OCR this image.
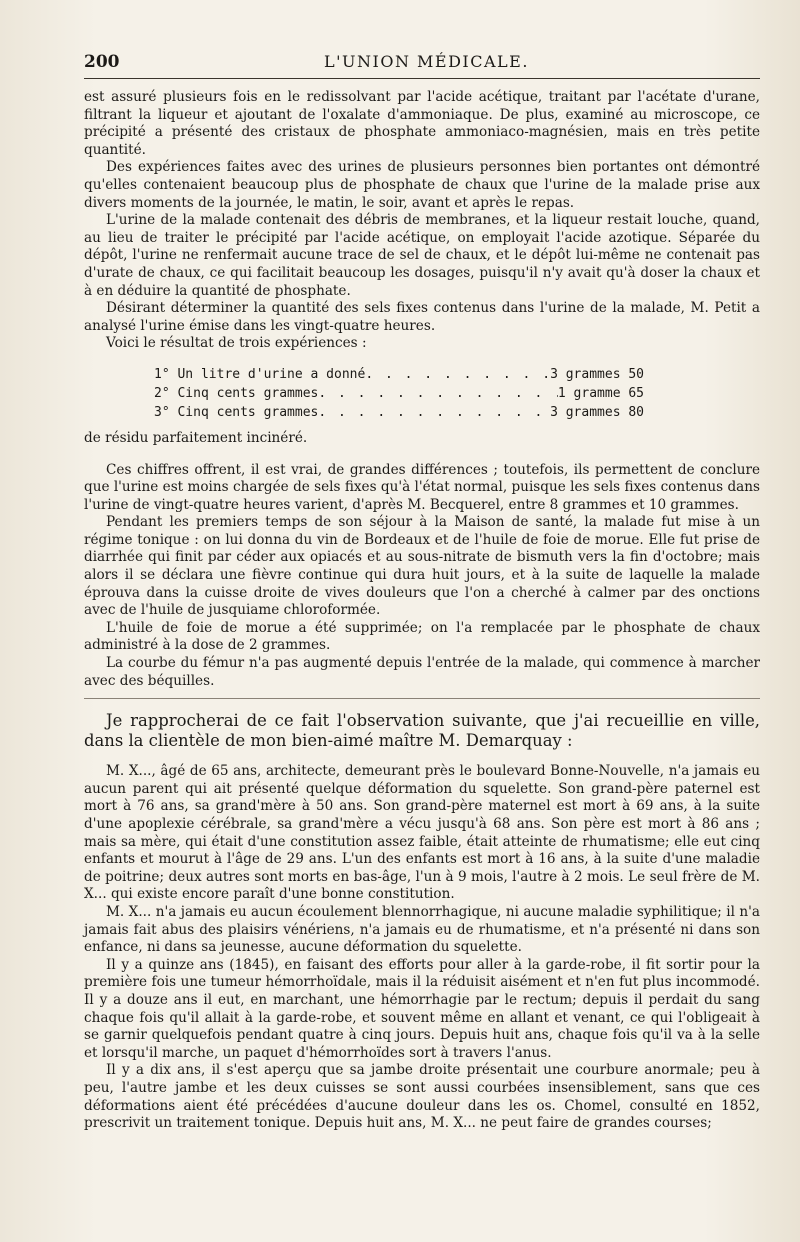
200	L'UNION MÉDICALE.

est assuré plusieurs fois en le redissolvant par l'acide acétique, traitant par l'acétate d'urane, filtrant la liqueur et ajoutant de l'oxalate d'ammoniaque. De plus, examiné au microscope, ce précipité a présenté des cristaux de phosphate ammoniaco-magnésien, mais en très petite quantité.

Des expériences faites avec des urines de plusieurs personnes bien portantes ont démontré qu'elles contenaient beaucoup plus de phosphate de chaux que l'urine de la malade prise aux divers moments de la journée, le matin, le soir, avant et après le repas.

L'urine de la malade contenait des débris de membranes, et la liqueur restait louche, quand, au lieu de traiter le précipité par l'acide acétique, on employait l'acide azotique. Séparée du dépôt, l'urine ne renfermait aucune trace de sel de chaux, et le dépôt lui-même ne contenait pas d'urate de chaux, ce qui facilitait beaucoup les dosages, puisqu'il n'y avait qu'à doser la chaux et à en déduire la quantité de phosphate.

Désirant déterminer la quantité des sels fixes contenus dans l'urine de la malade, M. Petit a analysé l'urine émise dans les vingt-quatre heures.

Voici le résultat de trois expériences :

1° Un litre d'urine a donné . . .	3 grammes 50
2° Cinq cents grammes . . .	1 gramme 65
3° Cinq cents grammes . . .	3 grammes 80

de résidu parfaitement incinéré.

Ces chiffres offrent, il est vrai, de grandes différences ; toutefois, ils permettent de conclure que l'urine est moins chargée de sels fixes qu'à l'état normal, puisque les sels fixes contenus dans l'urine de vingt-quatre heures varient, d'après M. Becquerel, entre 8 grammes et 10 grammes.

Pendant les premiers temps de son séjour à la Maison de santé, la malade fut mise à un régime tonique : on lui donna du vin de Bordeaux et de l'huile de foie de morue. Elle fut prise de diarrhée qui finit par céder aux opiacés et au sous-nitrate de bismuth vers la fin d'octobre; mais alors il se déclara une fièvre continue qui dura huit jours, et à la suite de laquelle la malade éprouva dans la cuisse droite de vives douleurs que l'on a cherché à calmer par des onctions avec de l'huile de jusquiame chloroformée.

L'huile de foie de morue a été supprimée; on l'a remplacée par le phosphate de chaux administré à la dose de 2 grammes.

La courbe du fémur n'a pas augmenté depuis l'entrée de la malade, qui commence à marcher avec des béquilles.

Je rapprocherai de ce fait l'observation suivante, que j'ai recueillie en ville, dans la clientèle de mon bien-aimé maître M. Demarquay :

M. X..., âgé de 65 ans, architecte, demeurant près le boulevard Bonne-Nouvelle, n'a jamais eu aucun parent qui ait présenté quelque déformation du squelette. Son grand-père paternel est mort à 76 ans, sa grand'mère à 50 ans. Son grand-père maternel est mort à 69 ans, à la suite d'une apoplexie cérébrale, sa grand'mère a vécu jusqu'à 68 ans. Son père est mort à 86 ans ; mais sa mère, qui était d'une constitution assez faible, était atteinte de rhumatisme; elle eut cinq enfants et mourut à l'âge de 29 ans. L'un des enfants est mort à 16 ans, à la suite d'une maladie de poitrine; deux autres sont morts en bas-âge, l'un à 9 mois, l'autre à 2 mois. Le seul frère de M. X... qui existe encore paraît d'une bonne constitution.

M. X... n'a jamais eu aucun écoulement blennorrhagique, ni aucune maladie syphilitique; il n'a jamais fait abus des plaisirs vénériens, n'a jamais eu de rhumatisme, et n'a présenté ni dans son enfance, ni dans sa jeunesse, aucune déformation du squelette.

Il y a quinze ans (1845), en faisant des efforts pour aller à la garde-robe, il fit sortir pour la première fois une tumeur hémorrhoïdale, mais il la réduisit aisément et n'en fut plus incommodé. Il y a douze ans il eut, en marchant, une hémorrhagie par le rectum; depuis il perdait du sang chaque fois qu'il allait à la garde-robe, et souvent même en allant et venant, ce qui l'obligeait à se garnir quelquefois pendant quatre à cinq jours. Depuis huit ans, chaque fois qu'il va à la selle et lorsqu'il marche, un paquet d'hémorrhoïdes sort à travers l'anus.

Il y a dix ans, il s'est aperçu que sa jambe droite présentait une courbure anormale; peu à peu, l'autre jambe et les deux cuisses se sont aussi courbées insensiblement, sans que ces déformations aient été précédées d'aucune douleur dans les os. Chomel, consulté en 1852, prescrivit un traitement tonique. Depuis huit ans, M. X... ne peut faire de grandes courses;
